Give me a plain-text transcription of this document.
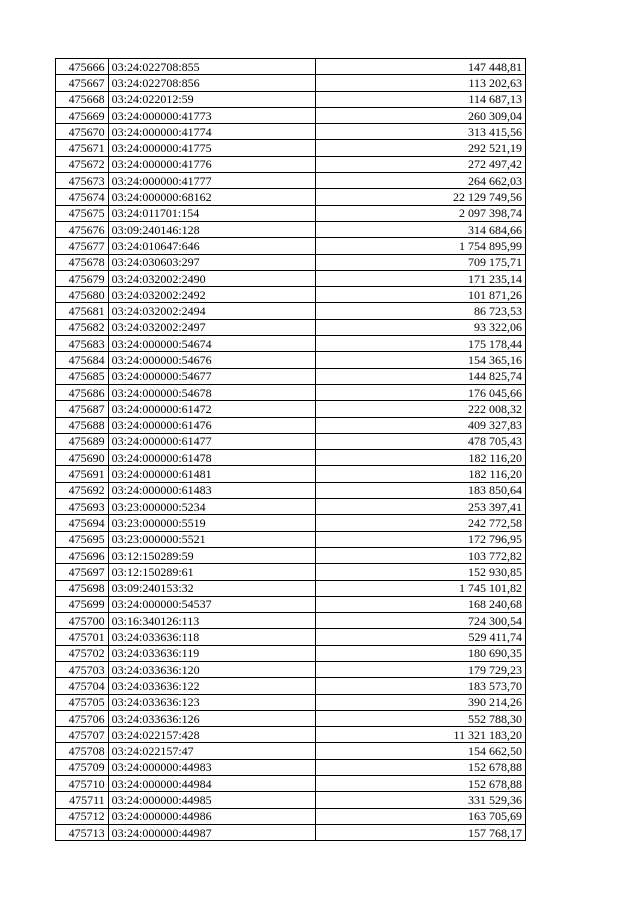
475666	03:24:022708:855	147 448,81
475667	03:24:022708:856	113 202,63
475668	03:24:022012:59	114 687,13
475669	03:24:000000:41773	260 309,04
475670	03:24:000000:41774	313 415,56
475671	03:24:000000:41775	292 521,19
475672	03:24:000000:41776	272 497,42
475673	03:24:000000:41777	264 662,03
475674	03:24:000000:68162	22 129 749,56
475675	03:24:011701:154	2 097 398,74
475676	03:09:240146:128	314 684,66
475677	03:24:010647:646	1 754 895,99
475678	03:24:030603:297	709 175,71
475679	03:24:032002:2490	171 235,14
475680	03:24:032002:2492	101 871,26
475681	03:24:032002:2494	86 723,53
475682	03:24:032002:2497	93 322,06
475683	03:24:000000:54674	175 178,44
475684	03:24:000000:54676	154 365,16
475685	03:24:000000:54677	144 825,74
475686	03:24:000000:54678	176 045,66
475687	03:24:000000:61472	222 008,32
475688	03:24:000000:61476	409 327,83
475689	03:24:000000:61477	478 705,43
475690	03:24:000000:61478	182 116,20
475691	03:24:000000:61481	182 116,20
475692	03:24:000000:61483	183 850,64
475693	03:23:000000:5234	253 397,41
475694	03:23:000000:5519	242 772,58
475695	03:23:000000:5521	172 796,95
475696	03:12:150289:59	103 772,82
475697	03:12:150289:61	152 930,85
475698	03:09:240153:32	1 745 101,82
475699	03:24:000000:54537	168 240,68
475700	03:16:340126:113	724 300,54
475701	03:24:033636:118	529 411,74
475702	03:24:033636:119	180 690,35
475703	03:24:033636:120	179 729,23
475704	03:24:033636:122	183 573,70
475705	03:24:033636:123	390 214,26
475706	03:24:033636:126	552 788,30
475707	03:24:022157:428	11 321 183,20
475708	03:24:022157:47	154 662,50
475709	03:24:000000:44983	152 678,88
475710	03:24:000000:44984	152 678,88
475711	03:24:000000:44985	331 529,36
475712	03:24:000000:44986	163 705,69
475713	03:24:000000:44987	157 768,17
